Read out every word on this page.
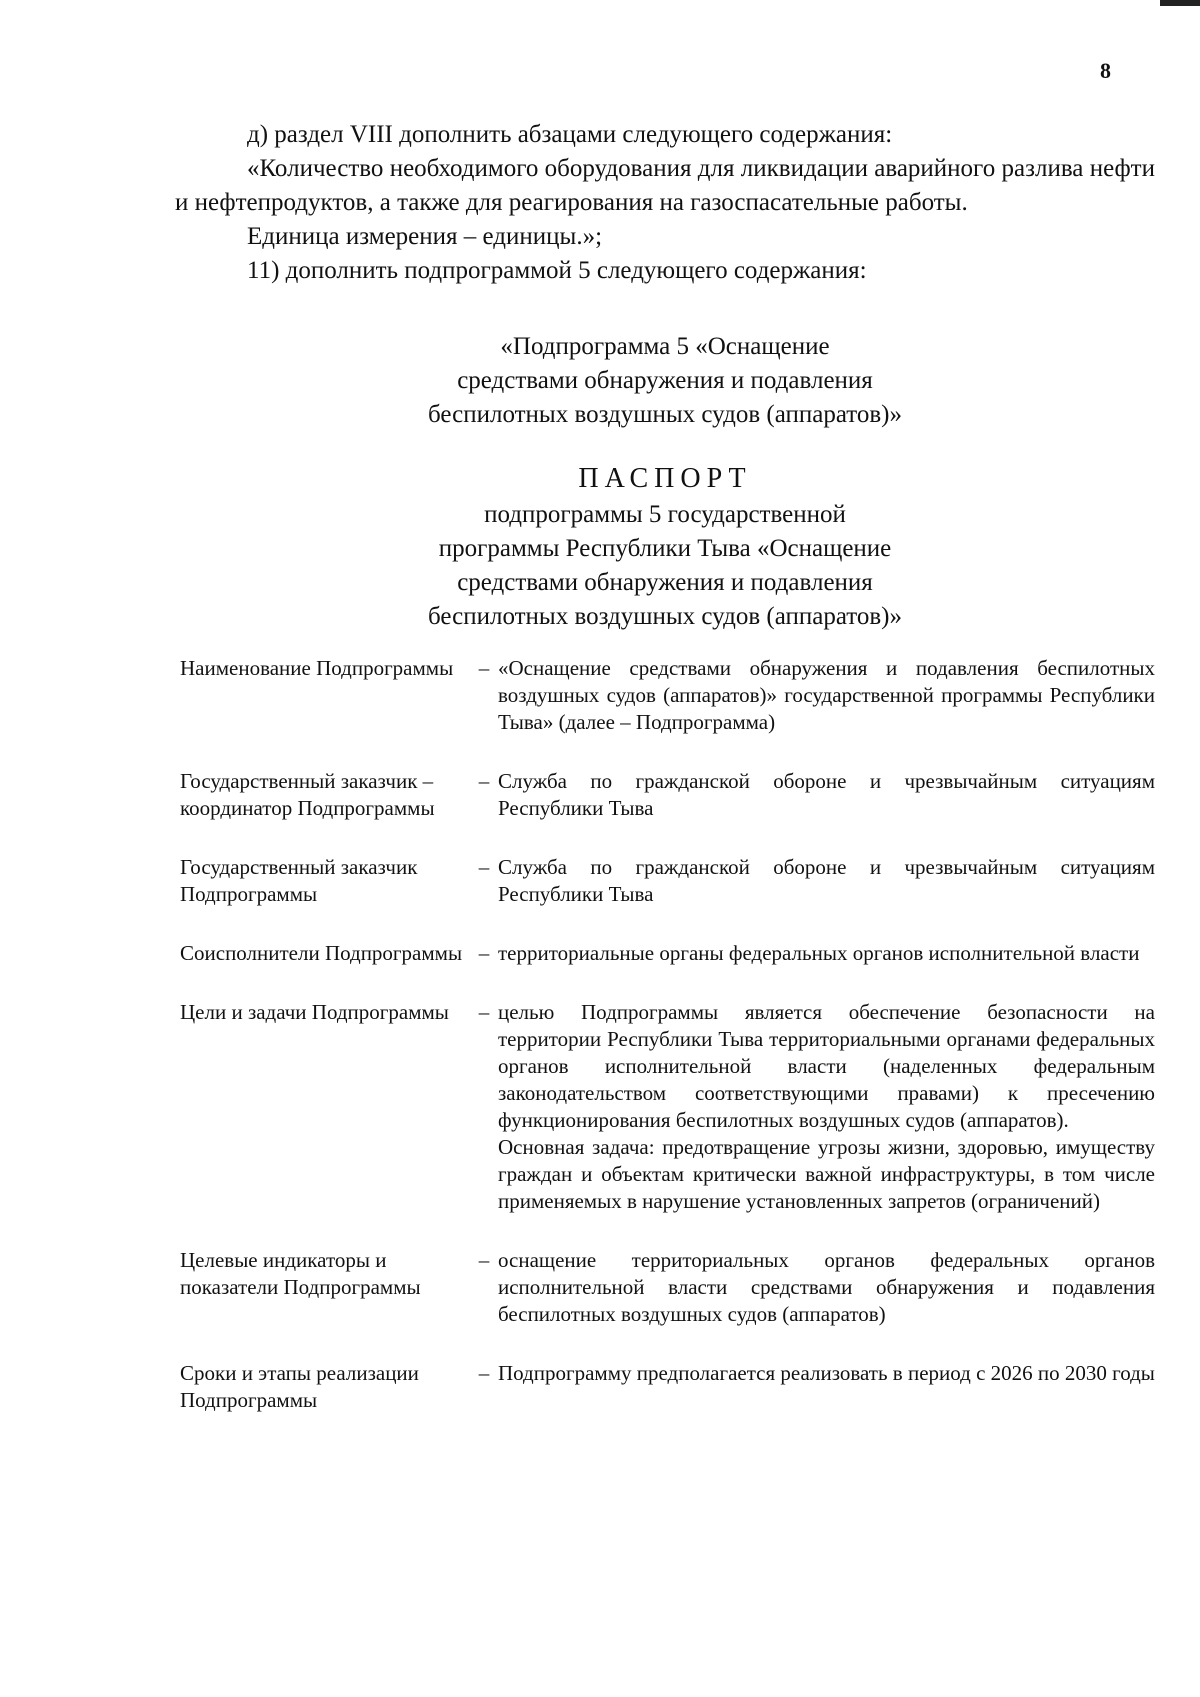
8

д) раздел VIII дополнить абзацами следующего содержания:

«Количество необходимого оборудования для ликвидации аварийного разлива нефти и нефтепродуктов, а также для реагирования на газоспасательные работы.

Единица измерения – единицы.»;

11) дополнить подпрограммой 5 следующего содержания:

«Подпрограмма 5 «Оснащение

средствами обнаружения и подавления

беспилотных воздушных судов (аппаратов)»

ПАСПОРТ

подпрограммы 5 государственной

программы Республики Тыва «Оснащение

средствами обнаружения и подавления

беспилотных воздушных судов (аппаратов)»

Наименование Подпрограммы	– «Оснащение средствами обнаружения и подавления беспилотных воздушных судов (аппаратов)» государственной программы Республики Тыва» (далее – Подпрограмма)
Государственный заказчик – координатор Подпрограммы
– Служба по гражданской обороне и чрезвычайным ситуациям Республики Тыва
Государственный заказчик Подпрограммы
– Служба по гражданской обороне и чрезвычайным ситуациям Республики Тыва
Соисполнители Подпрограммы – территориальные органы федеральных органов исполнительной власти
Цели и задачи Подпрограммы	– целью Подпрограммы является обеспечение безопасности на территории Республики Тыва территориальными органами федеральных органов исполнительной власти (наделенных федеральным законодательством соответствующими правами) к пресечению функционирования беспилотных воздушных судов (аппаратов).

Основная задача: предотвращение угрозы жизни, здоровью, имуществу граждан и объектам критически важной инфраструктуры, в том числе применяемых в нарушение установленных запретов (ограничений)

Целевые индикаторы и показатели Подпрограммы
– оснащение территориальных органов федеральных органов исполнительной власти средствами обнаружения и подавления беспилотных воздушных судов (аппаратов)
Сроки и этапы реализации Подпрограммы
– Подпрограмму предполагается реализовать в период с 2026 по 2030 годы
